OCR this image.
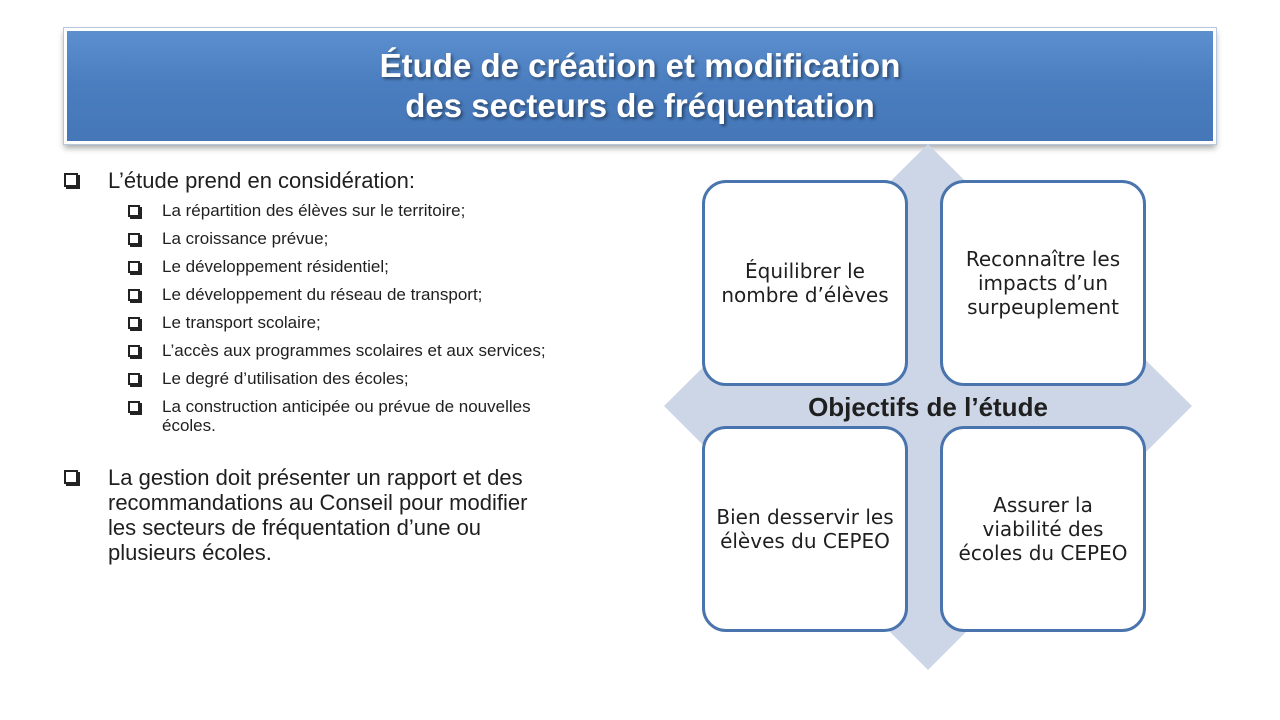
Étude de création et modification
des secteurs de fréquentation
L’étude prend en considération:
La répartition des élèves sur le territoire;
La croissance prévue;
Le développement résidentiel;
Le développement du réseau de transport;
Le transport scolaire;
L’accès aux programmes scolaires et aux services;
Le degré d’utilisation des écoles;
La construction anticipée ou prévue de nouvelles écoles.
La gestion doit présenter un rapport et des recommandations au Conseil pour modifier les secteurs de fréquentation d’une ou plusieurs écoles.
Équilibrer le nombre d’élèves
Reconnaître les impacts d’un surpeuplement
Bien desservir les élèves du CEPEO
Assurer la viabilité des écoles du CEPEO
Objectifs de l’étude
